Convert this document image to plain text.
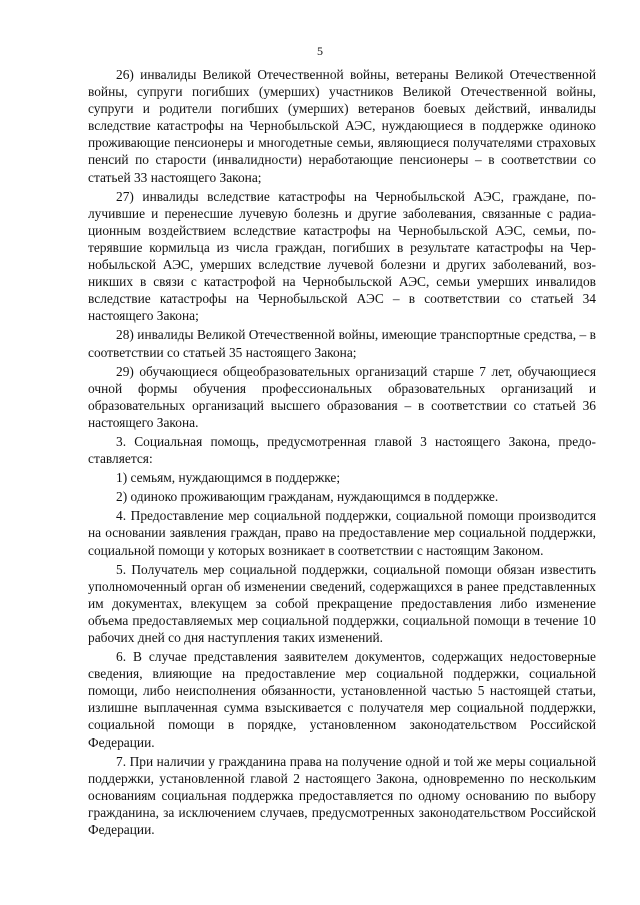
5

26) инвалиды Великой Отечественной войны, ветераны Великой Отечественной войны, супруги погибших (умерших) участников Великой Отечественной войны, супруги и родители погибших (умерших) ветеранов боевых действий, инвалиды вследствие катастрофы на Чернобыльской АЭС, нуждающиеся в поддержке одиноко проживающие пенсионеры и многодетные семьи, являющиеся получателями страховых пенсий по старости (инвалидности) неработающие пенсионеры – в соответствии со статьей 33 настоящего Закона;

27) инвалиды вследствие катастрофы на Чернобыльской АЭС, граждане, получившие и перенесшие лучевую болезнь и другие заболевания, связанные с радиационным воздействием вследствие катастрофы на Чернобыльской АЭС, семьи, потерявшие кормильца из числа граждан, погибших в результате катастрофы на Чернобыльской АЭС, умерших вследствие лучевой болезни и других заболеваний, возникших в связи с катастрофой на Чернобыльской АЭС, семьи умерших инвалидов вследствие катастрофы на Чернобыльской АЭС – в соответствии со статьей 34 настоящего Закона;

28) инвалиды Великой Отечественной войны, имеющие транспортные средства, – в соответствии со статьей 35 настоящего Закона;

29) обучающиеся общеобразовательных организаций старше 7 лет, обучающиеся очной формы обучения профессиональных образовательных организаций и образовательных организаций высшего образования – в соответствии со статьей 36 настоящего Закона.

3. Социальная помощь, предусмотренная главой 3 настоящего Закона, предоставляется:

1) семьям, нуждающимся в поддержке;

2) одиноко проживающим гражданам, нуждающимся в поддержке.

4. Предоставление мер социальной поддержки, социальной помощи производится на основании заявления граждан, право на предоставление мер социальной поддержки, социальной помощи у которых возникает в соответствии с настоящим Законом.

5. Получатель мер социальной поддержки, социальной помощи обязан известить уполномоченный орган об изменении сведений, содержащихся в ранее представленных им документах, влекущем за собой прекращение предоставления либо изменение объема предоставляемых мер социальной поддержки, социальной помощи в течение 10 рабочих дней со дня наступления таких изменений.

6. В случае представления заявителем документов, содержащих недостоверные сведения, влияющие на предоставление мер социальной поддержки, социальной помощи, либо неисполнения обязанности, установленной частью 5 настоящей статьи, излишне выплаченная сумма взыскивается с получателя мер социальной поддержки, социальной помощи в порядке, установленном законодательством Российской Федерации.

7. При наличии у гражданина права на получение одной и той же меры социальной поддержки, установленной главой 2 настоящего Закона, одновременно по нескольким основаниям социальная поддержка предоставляется по одному основанию по выбору гражданина, за исключением случаев, предусмотренных законодательством Российской Федерации.
